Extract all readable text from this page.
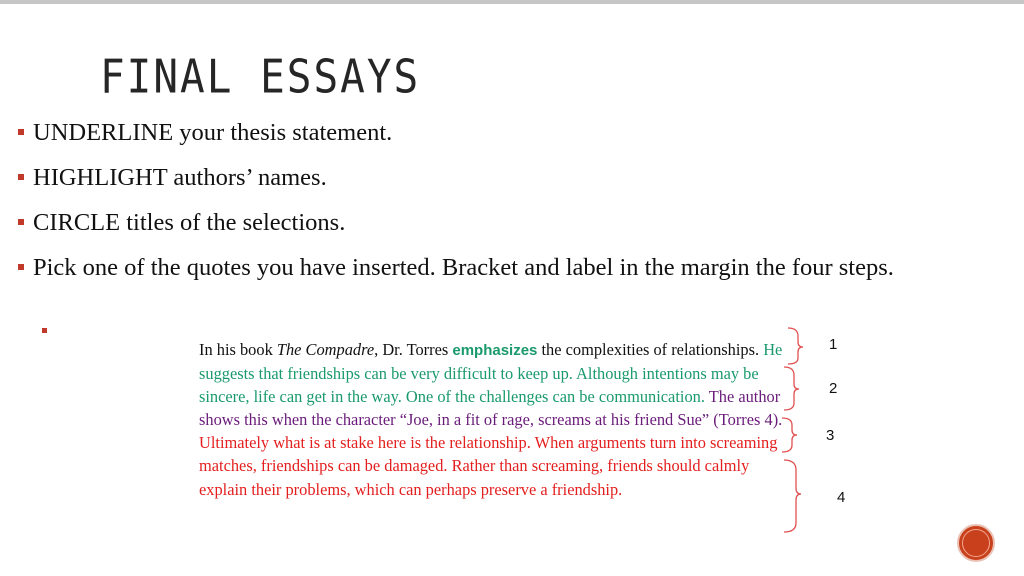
FINAL ESSAYS
UNDERLINE your thesis statement.
HIGHLIGHT authors’ names.
CIRCLE titles of the selections.
Pick one of the quotes you have inserted. Bracket and label in the margin the four steps.
In his book The Compadre, Dr. Torres emphasizes the complexities of relationships. He suggests that friendships can be very difficult to keep up. Although intentions may be sincere, life can get in the way. One of the challenges can be communication. The author shows this when the character “Joe, in a fit of rage, screams at his friend Sue” (Torres 4). Ultimately what is at stake here is the relationship. When arguments turn into screaming matches, friendships can be damaged. Rather than screaming, friends should calmly explain their problems, which can perhaps preserve a friendship.
1
2
3
4
